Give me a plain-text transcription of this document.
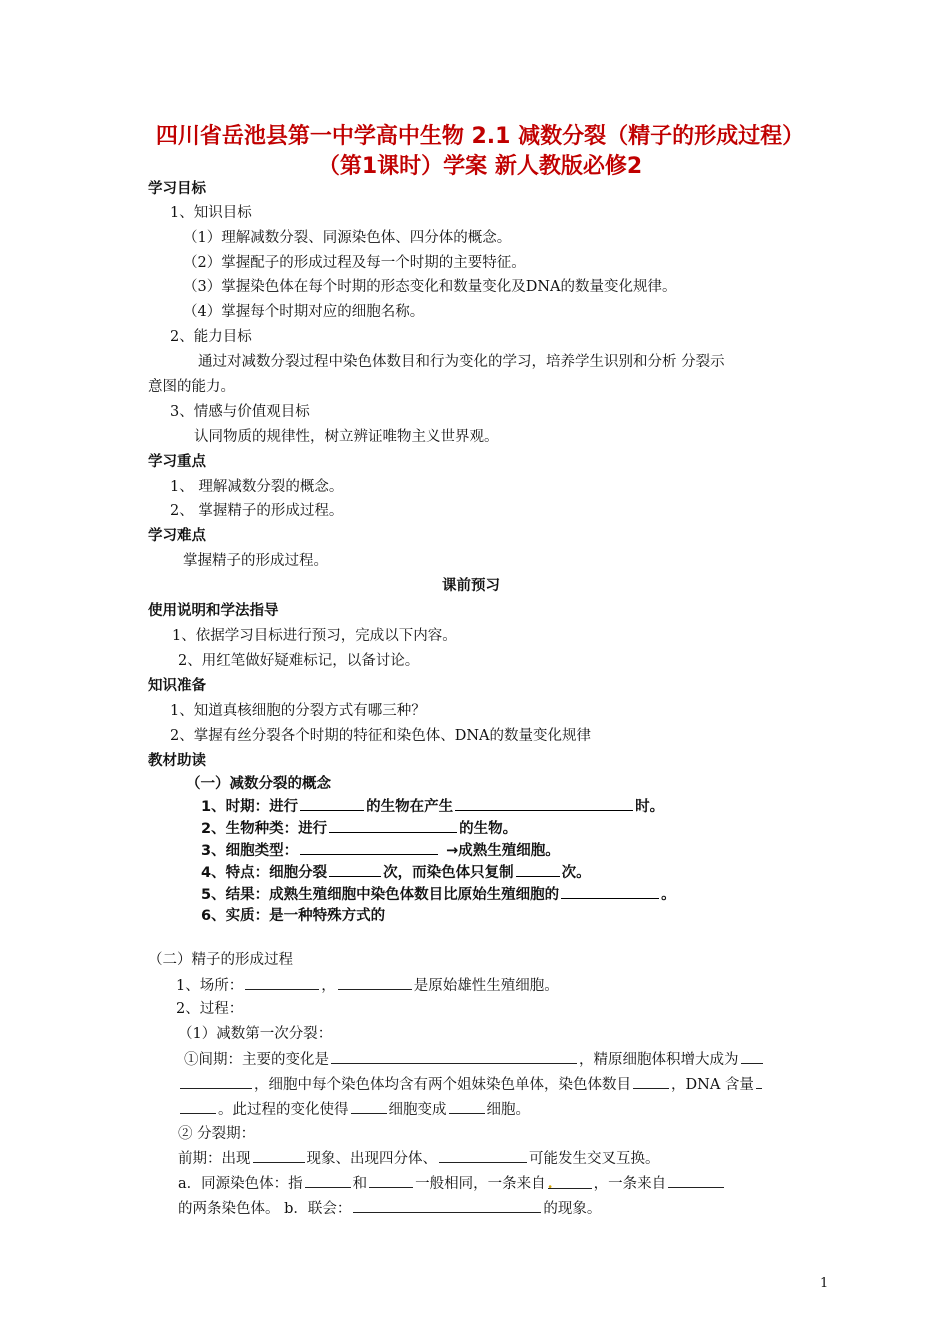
四川省岳池县第一中学高中生物 2.1 减数分裂（精子的形成过程）
（第1课时）学案 新人教版必修2
学习目标
1、知识目标
（1）理解减数分裂、同源染色体、四分体的概念。
（2）掌握配子的形成过程及每一个时期的主要特征。
（3）掌握染色体在每个时期的形态变化和数量变化及DNA的数量变化规律。
（4）掌握每个时期对应的细胞名称。
2、能力目标
通过对减数分裂过程中染色体数目和行为变化的学习，培养学生识别和分析 分裂示
意图的能力。
3、情感与价值观目标
认同物质的规律性，树立辨证唯物主义世界观。
学习重点
1、 理解减数分裂的概念。
2、 掌握精子的形成过程。
学习难点
掌握精子的形成过程。
课前预习
使用说明和学法指导
1、依据学习目标进行预习，完成以下内容。
2、用红笔做好疑难标记，以备讨论。
知识准备
1、知道真核细胞的分裂方式有哪三种？
2、掌握有丝分裂各个时期的特征和染色体、DNA的数量变化规律
教材助读
（一）减数分裂的概念
1、时期：进行	的生物在产生	时。
2、生物种类：进行	的生物。
3、细胞类型：	→成熟生殖细胞。
4、特点：细胞分裂	次，而染色体只复制	次。
5、结果：成熟生殖细胞中染色体数目比原始生殖细胞的	。
6、实质：是一种特殊方式的
（二）精子的形成过程
1、场所：	，	是原始雄性生殖细胞。
2、过程：
（1）减数第一次分裂：
①间期：主要的变化是	，精原细胞体积增大成为
，细胞中每个染色体均含有两个姐妹染色单体，染色体数目	，DNA 含量
。此过程的变化使得	细胞变成	细胞。
② 分裂期：
前期：出现	现象、出现四分体、	可能发生交叉互换。
a．同源染色体：指	和	一般相同，一条来自 .	，一条来自
的两条染色体。 b．联会：	的现象。
1
